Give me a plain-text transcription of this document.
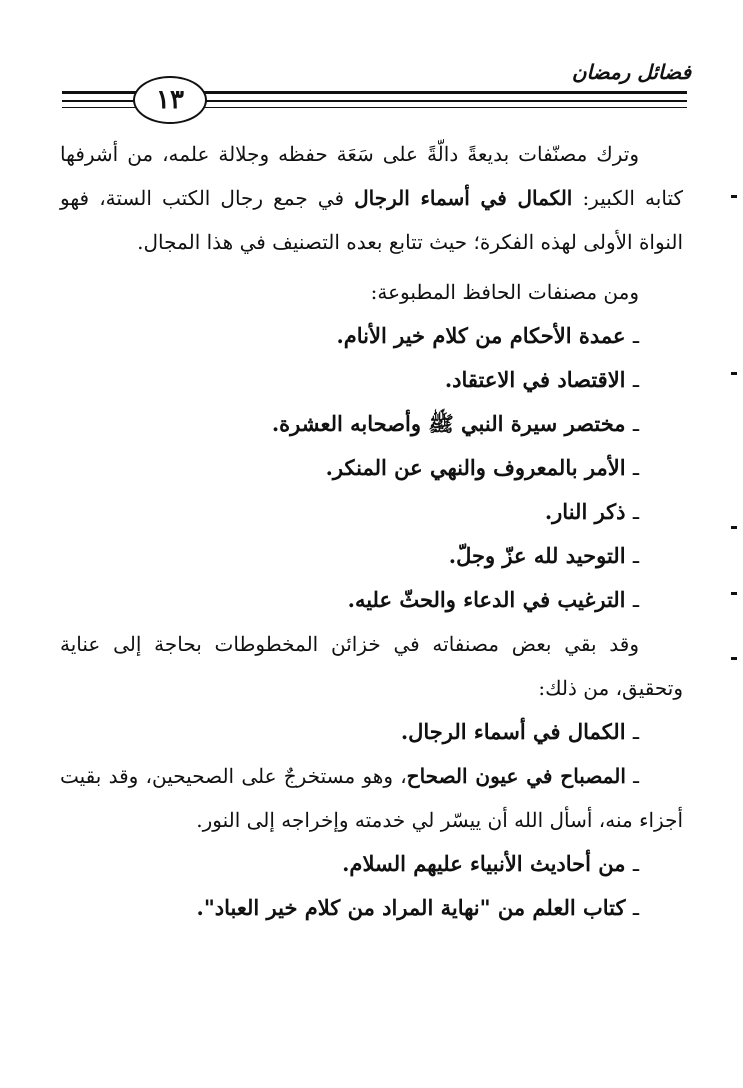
فضائل رمضان
١٣

وترك مصنّفات بديعةً دالّةً على سَعَة حفظه وجلالة علمه، من أشرفها كتابه الكبير: الكمال في أسماء الرجال في جمع رجال الكتب الستة، فهو النواة الأولى لهذه الفكرة؛ حيث تتابع بعده التصنيف في هذا المجال.

ومن مصنفات الحافظ المطبوعة:

ـ عمدة الأحكام من كلام خير الأنام.
ـ الاقتصاد في الاعتقاد.
ـ مختصر سيرة النبي ﷺ وأصحابه العشرة.
ـ الأمر بالمعروف والنهي عن المنكر.
ـ ذكر النار.
ـ التوحيد لله عزّ وجلّ.
ـ الترغيب في الدعاء والحثّ عليه.

وقد بقي بعض مصنفاته في خزائن المخطوطات بحاجة إلى عناية وتحقيق، من ذلك:

ـ الكمال في أسماء الرجال.

ـ المصباح في عيون الصحاح، وهو مستخرجٌ على الصحيحين، وقد بقيت أجزاء منه، أسأل الله أن ييسّر لي خدمته وإخراجه إلى النور.

ـ من أحاديث الأنبياء عليهم السلام.
ـ كتاب العلم من "نهاية المراد من كلام خير العباد".
